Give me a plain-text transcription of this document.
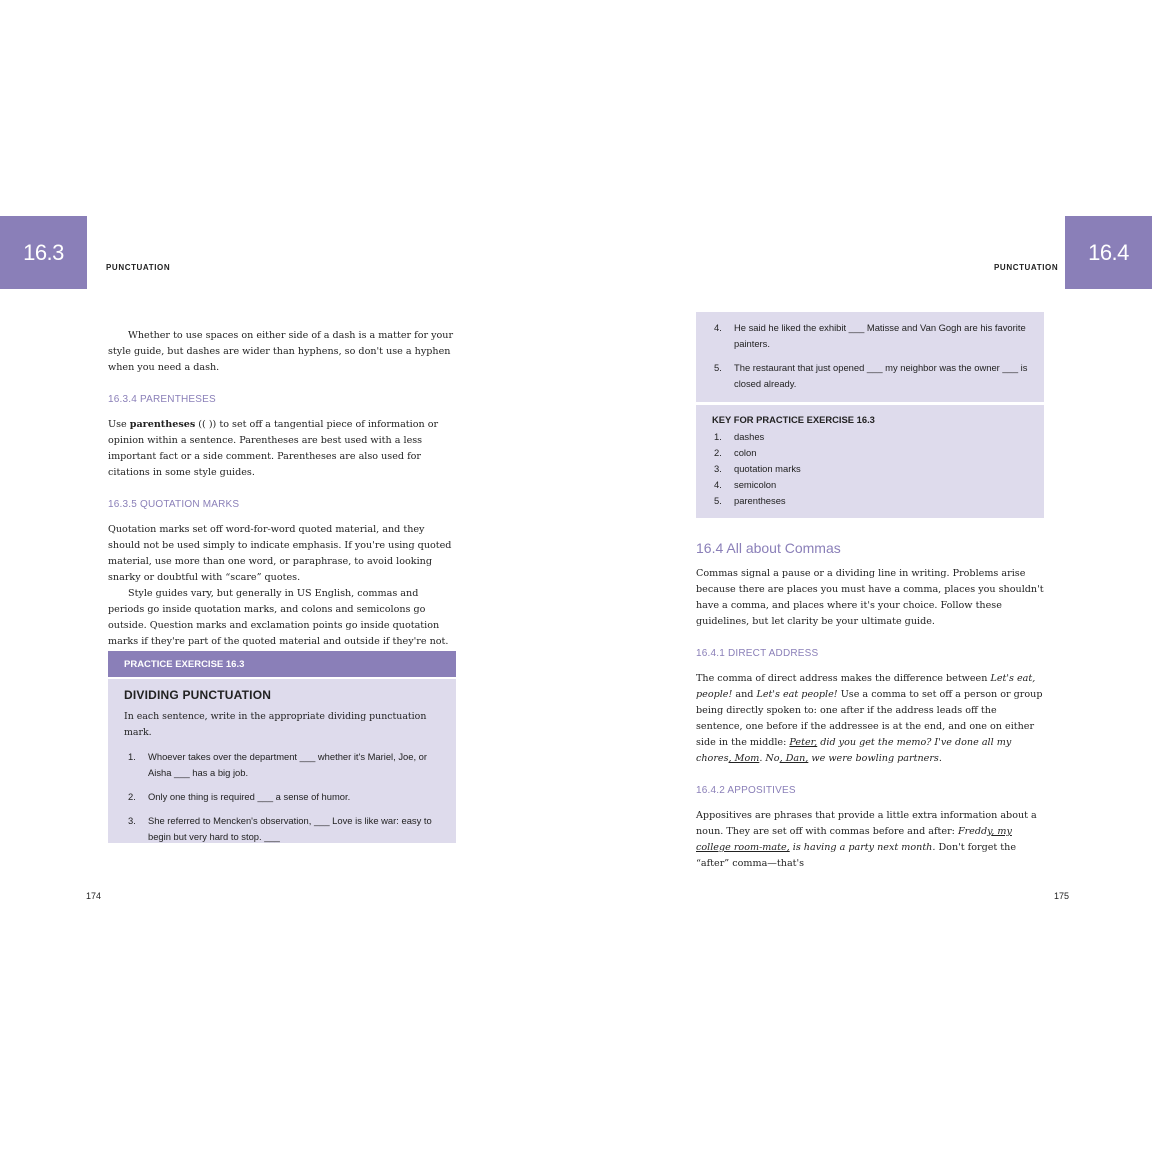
16.3
PUNCTUATION

Whether to use spaces on either side of a dash is a matter for your style guide, but dashes are wider than hyphens, so don't use a hyphen when you need a dash.

16.3.4 PARENTHESES

Use parentheses (( )) to set off a tangential piece of information or opinion within a sentence. Parentheses are best used with a less important fact or a side comment. Parentheses are also used for citations in some style guides.

16.3.5 QUOTATION MARKS

Quotation marks set off word-for-word quoted material, and they should not be used simply to indicate emphasis. If you're using quoted material, use more than one word, or paraphrase, to avoid looking snarky or doubtful with “scare” quotes.

Style guides vary, but generally in US English, commas and periods go inside quotation marks, and colons and semicolons go outside. Question marks and exclamation points go inside quotation marks if they're part of the quoted material and outside if they're not.

PRACTICE EXERCISE 16.3

DIVIDING PUNCTUATION

In each sentence, write in the appropriate dividing punctuation mark.

1.	Whoever takes over the department ___ whether it's Mariel, Joe, or Aisha ___ has a big job.
2.	Only one thing is required ___ a sense of humor.
3.	She referred to Mencken's observation, ___ Love is like war: easy to begin but very hard to stop. ___
174
PUNCTUATION
16.4
4.	He said he liked the exhibit ___ Matisse and Van Gogh are his favorite painters.
5.	The restaurant that just opened ___ my neighbor was the owner ___ is closed already.

KEY FOR PRACTICE EXERCISE 16.3

1.	dashes
2.	colon
3.	quotation marks
4.	semicolon
5.	parentheses

16.4 All about Commas

Commas signal a pause or a dividing line in writing. Problems arise because there are places you must have a comma, places you shouldn't have a comma, and places where it's your choice. Follow these guidelines, but let clarity be your ultimate guide.

16.4.1 DIRECT ADDRESS

The comma of direct address makes the difference between Let's eat, people! and Let's eat people! Use a comma to set off a person or group being directly spoken to: one after if the address leads off the sentence, one before if the addressee is at the end, and one on either side in the middle: Peter, did you get the memo? I've done all my chores, Mom. No, Dan, we were bowling partners.

16.4.2 APPOSITIVES

Appositives are phrases that provide a little extra information about a noun. They are set off with commas before and after: Freddy, my college room-mate, is having a party next month. Don't forget the “after” comma—that's

175
